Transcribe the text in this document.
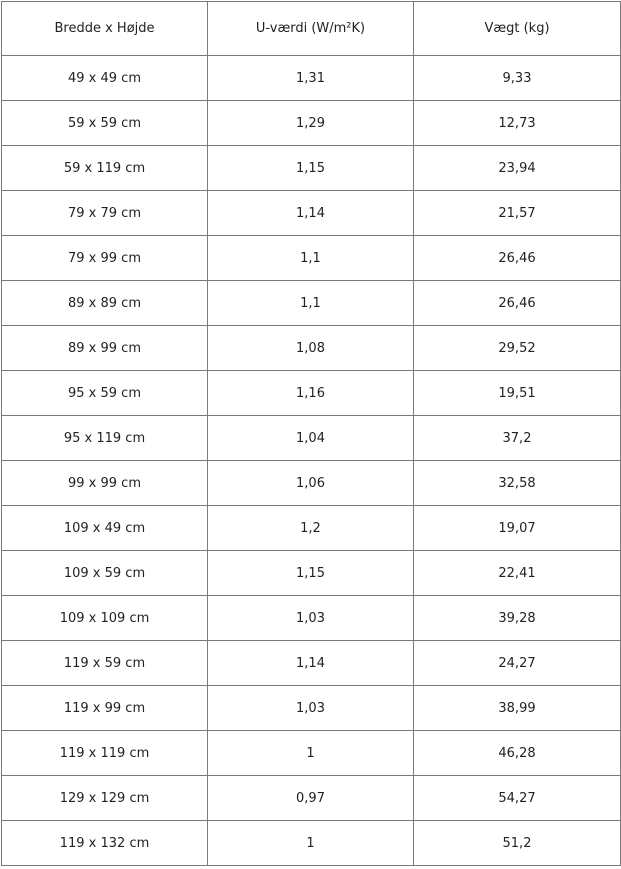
Bredde x Højde	U-værdi (W/m²K)	Vægt (kg)
49 x 49 cm	1,31	9,33
59 x 59 cm	1,29	12,73
59 x 119 cm	1,15	23,94
79 x 79 cm	1,14	21,57
79 x 99 cm	1,1	26,46
89 x 89 cm	1,1	26,46
89 x 99 cm	1,08	29,52
95 x 59 cm	1,16	19,51
95 x 119 cm	1,04	37,2
99 x 99 cm	1,06	32,58
109 x 49 cm	1,2	19,07
109 x 59 cm	1,15	22,41
109 x 109 cm	1,03	39,28
119 x 59 cm	1,14	24,27
119 x 99 cm	1,03	38,99
119 x 119 cm	1	46,28
129 x 129 cm	0,97	54,27
119 x 132 cm	1	51,2
